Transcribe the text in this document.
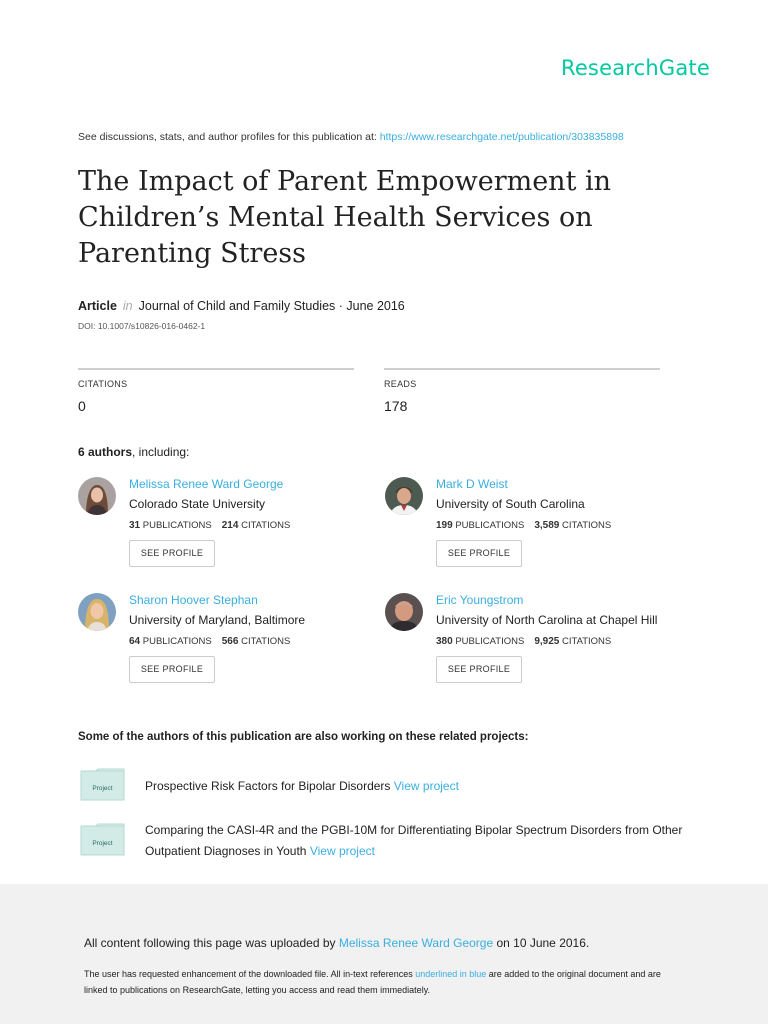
ResearchGate
See discussions, stats, and author profiles for this publication at: https://www.researchgate.net/publication/303835898
The Impact of Parent Empowerment in Children’s Mental Health Services on Parenting Stress
Article in Journal of Child and Family Studies · June 2016
DOI: 10.1007/s10826-016-0462-1
CITATIONS
0
READS
178
6 authors, including:
Melissa Renee Ward George
Colorado State University
31 PUBLICATIONS 214 CITATIONS
SEE PROFILE
Mark D Weist
University of South Carolina
199 PUBLICATIONS 3,589 CITATIONS
SEE PROFILE
Sharon Hoover Stephan
University of Maryland, Baltimore
64 PUBLICATIONS 566 CITATIONS
SEE PROFILE
Eric Youngstrom
University of North Carolina at Chapel Hill
380 PUBLICATIONS 9,925 CITATIONS
SEE PROFILE
Some of the authors of this publication are also working on these related projects:
Project	Prospective Risk Factors for Bipolar Disorders View project
Project
Comparing the CASI-4R and the PGBI-10M for Differentiating Bipolar Spectrum Disorders from Other Outpatient Diagnoses in Youth View project
All content following this page was uploaded by Melissa Renee Ward George on 10 June 2016.
The user has requested enhancement of the downloaded file. All in-text references underlined in blue are added to the original document and are linked to publications on ResearchGate, letting you access and read them immediately.
